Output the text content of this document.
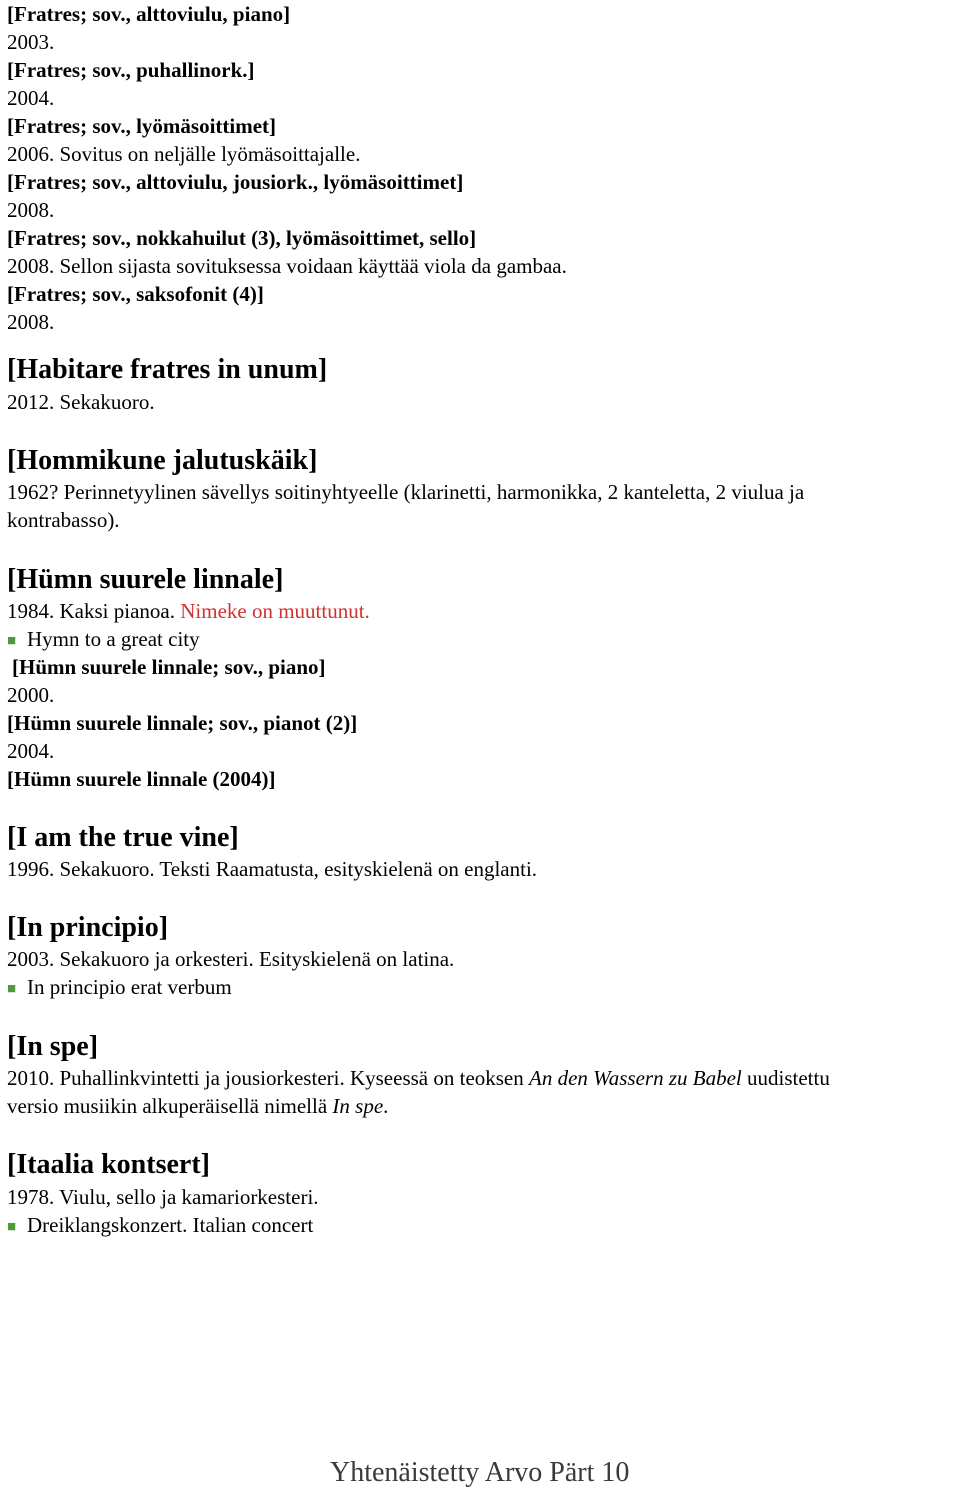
[Fratres; sov., alttoviulu, piano]
2003.
[Fratres; sov., puhallinork.]
2004.
[Fratres; sov., lyömäsoittimet]
2006. Sovitus on neljälle lyömäsoittajalle.
[Fratres; sov., alttoviulu, jousiork., lyömäsoittimet]
2008.
[Fratres; sov., nokkahuilut (3), lyömäsoittimet, sello]
2008. Sellon sijasta sovituksessa voidaan käyttää viola da gambaa.
[Fratres; sov., saksofonit (4)]
2008.
[Habitare fratres in unum]
2012. Sekakuoro.
[Hommikune jalutuskäik]
1962? Perinnetyylinen sävellys soitinyhtyeelle (klarinetti, harmonikka, 2 kanteletta, 2 viulua ja
kontrabasso).
[Hümn suurele linnale]
1984. Kaksi pianoa. Nimeke on muuttunut.
■ Hymn to a great city
[Hümn suurele linnale; sov., piano]
2000.
[Hümn suurele linnale; sov., pianot (2)]
2004.
[Hümn suurele linnale (2004)]
[I am the true vine]
1996. Sekakuoro. Teksti Raamatusta, esityskielenä on englanti.
[In principio]
2003. Sekakuoro ja orkesteri. Esityskielenä on latina.
■ In principio erat verbum
[In spe]
2010. Puhallinkvintetti ja jousiorkesteri. Kyseessä on teoksen An den Wassern zu Babel uudistettu
versio musiikin alkuperäisellä nimellä In spe.
[Itaalia kontsert]
1978. Viulu, sello ja kamariorkesteri.
■ Dreiklangskonzert. Italian concert
Yhtenäistetty Arvo Pärt 10
